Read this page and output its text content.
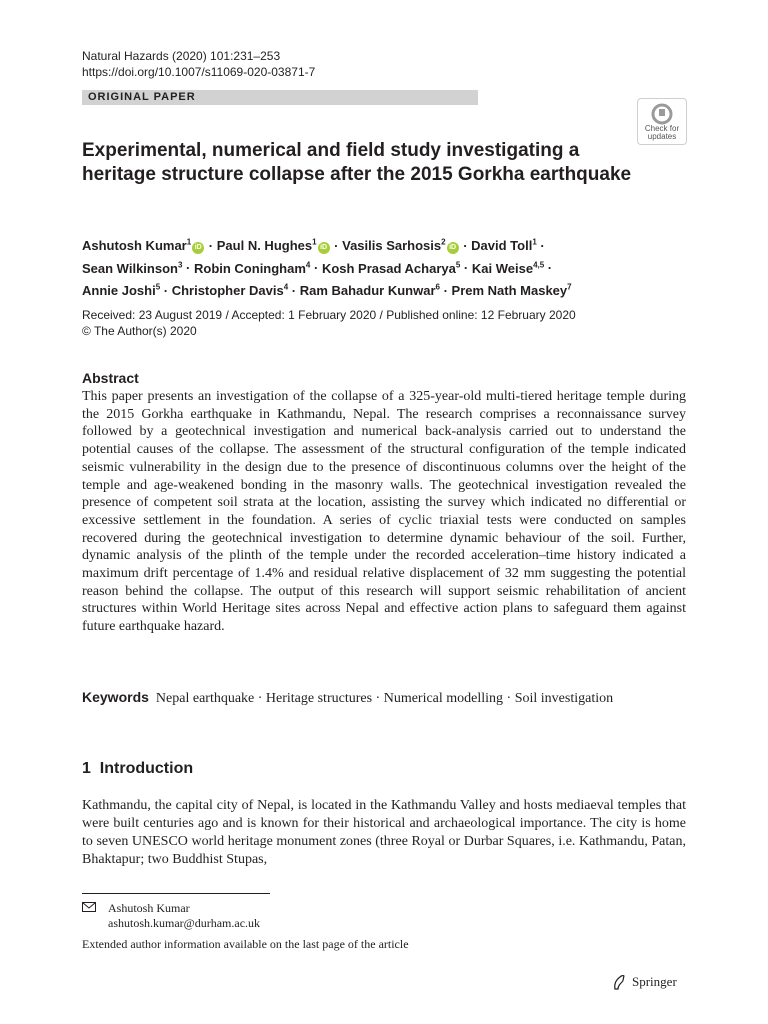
Natural Hazards (2020) 101:231–253
https://doi.org/10.1007/s11069-020-03871-7
ORIGINAL PAPER
Check for
updates
Experimental, numerical and field study investigating a heritage structure collapse after the 2015 Gorkha earthquake
Ashutosh Kumar$^1$iD · Paul N. Hughes$^1$iD · Vasilis Sarhosis$^2$iD · David Toll$^1$ ·
Sean Wilkinson$^3$ · Robin Coningham$^4$ · Kosh Prasad Acharya$^5$ · Kai Weise$^{4,5}$ ·
Annie Joshi$^5$ · Christopher Davis$^4$ · Ram Bahadur Kunwar$^6$ · Prem Nath Maskey$^7$
Received: 23 August 2019 / Accepted: 1 February 2020 / Published online: 12 February 2020
© The Author(s) 2020
Abstract

This paper presents an investigation of the collapse of a 325-year-old multi-tiered heritage temple during the 2015 Gorkha earthquake in Kathmandu, Nepal. The research comprises a reconnaissance survey followed by a geotechnical investigation and numerical back-analysis carried out to understand the potential causes of the collapse. The assessment of the structural configuration of the temple indicated seismic vulnerability in the design due to the presence of discontinuous columns over the height of the temple and age-weakened bonding in the masonry walls. The geotechnical investigation revealed the presence of competent soil strata at the location, assisting the survey which indicated no differential or excessive settlement in the foundation. A series of cyclic triaxial tests were conducted on samples recovered during the geotechnical investigation to determine dynamic behaviour of the soil. Further, dynamic analysis of the plinth of the temple under the recorded acceleration–time history indicated a maximum drift percentage of 1.4% and residual relative displacement of 32 mm suggesting the potential reason behind the collapse. The output of this research will support seismic rehabilitation of ancient structures within World Heritage sites across Nepal and effective action plans to safeguard them against future earthquake hazard.

Keywords Nepal earthquake · Heritage structures · Numerical modelling · Soil investigation
1 Introduction

Kathmandu, the capital city of Nepal, is located in the Kathmandu Valley and hosts mediaeval temples that were built centuries ago and is known for their historical and archaeological importance. The city is home to seven UNESCO world heritage monument zones (three Royal or Durbar Squares, i.e. Kathmandu, Patan, Bhaktapur; two Buddhist Stupas,

Ashutosh Kumar
ashutosh.kumar@durham.ac.uk
Extended author information available on the last page of the article
Springer
